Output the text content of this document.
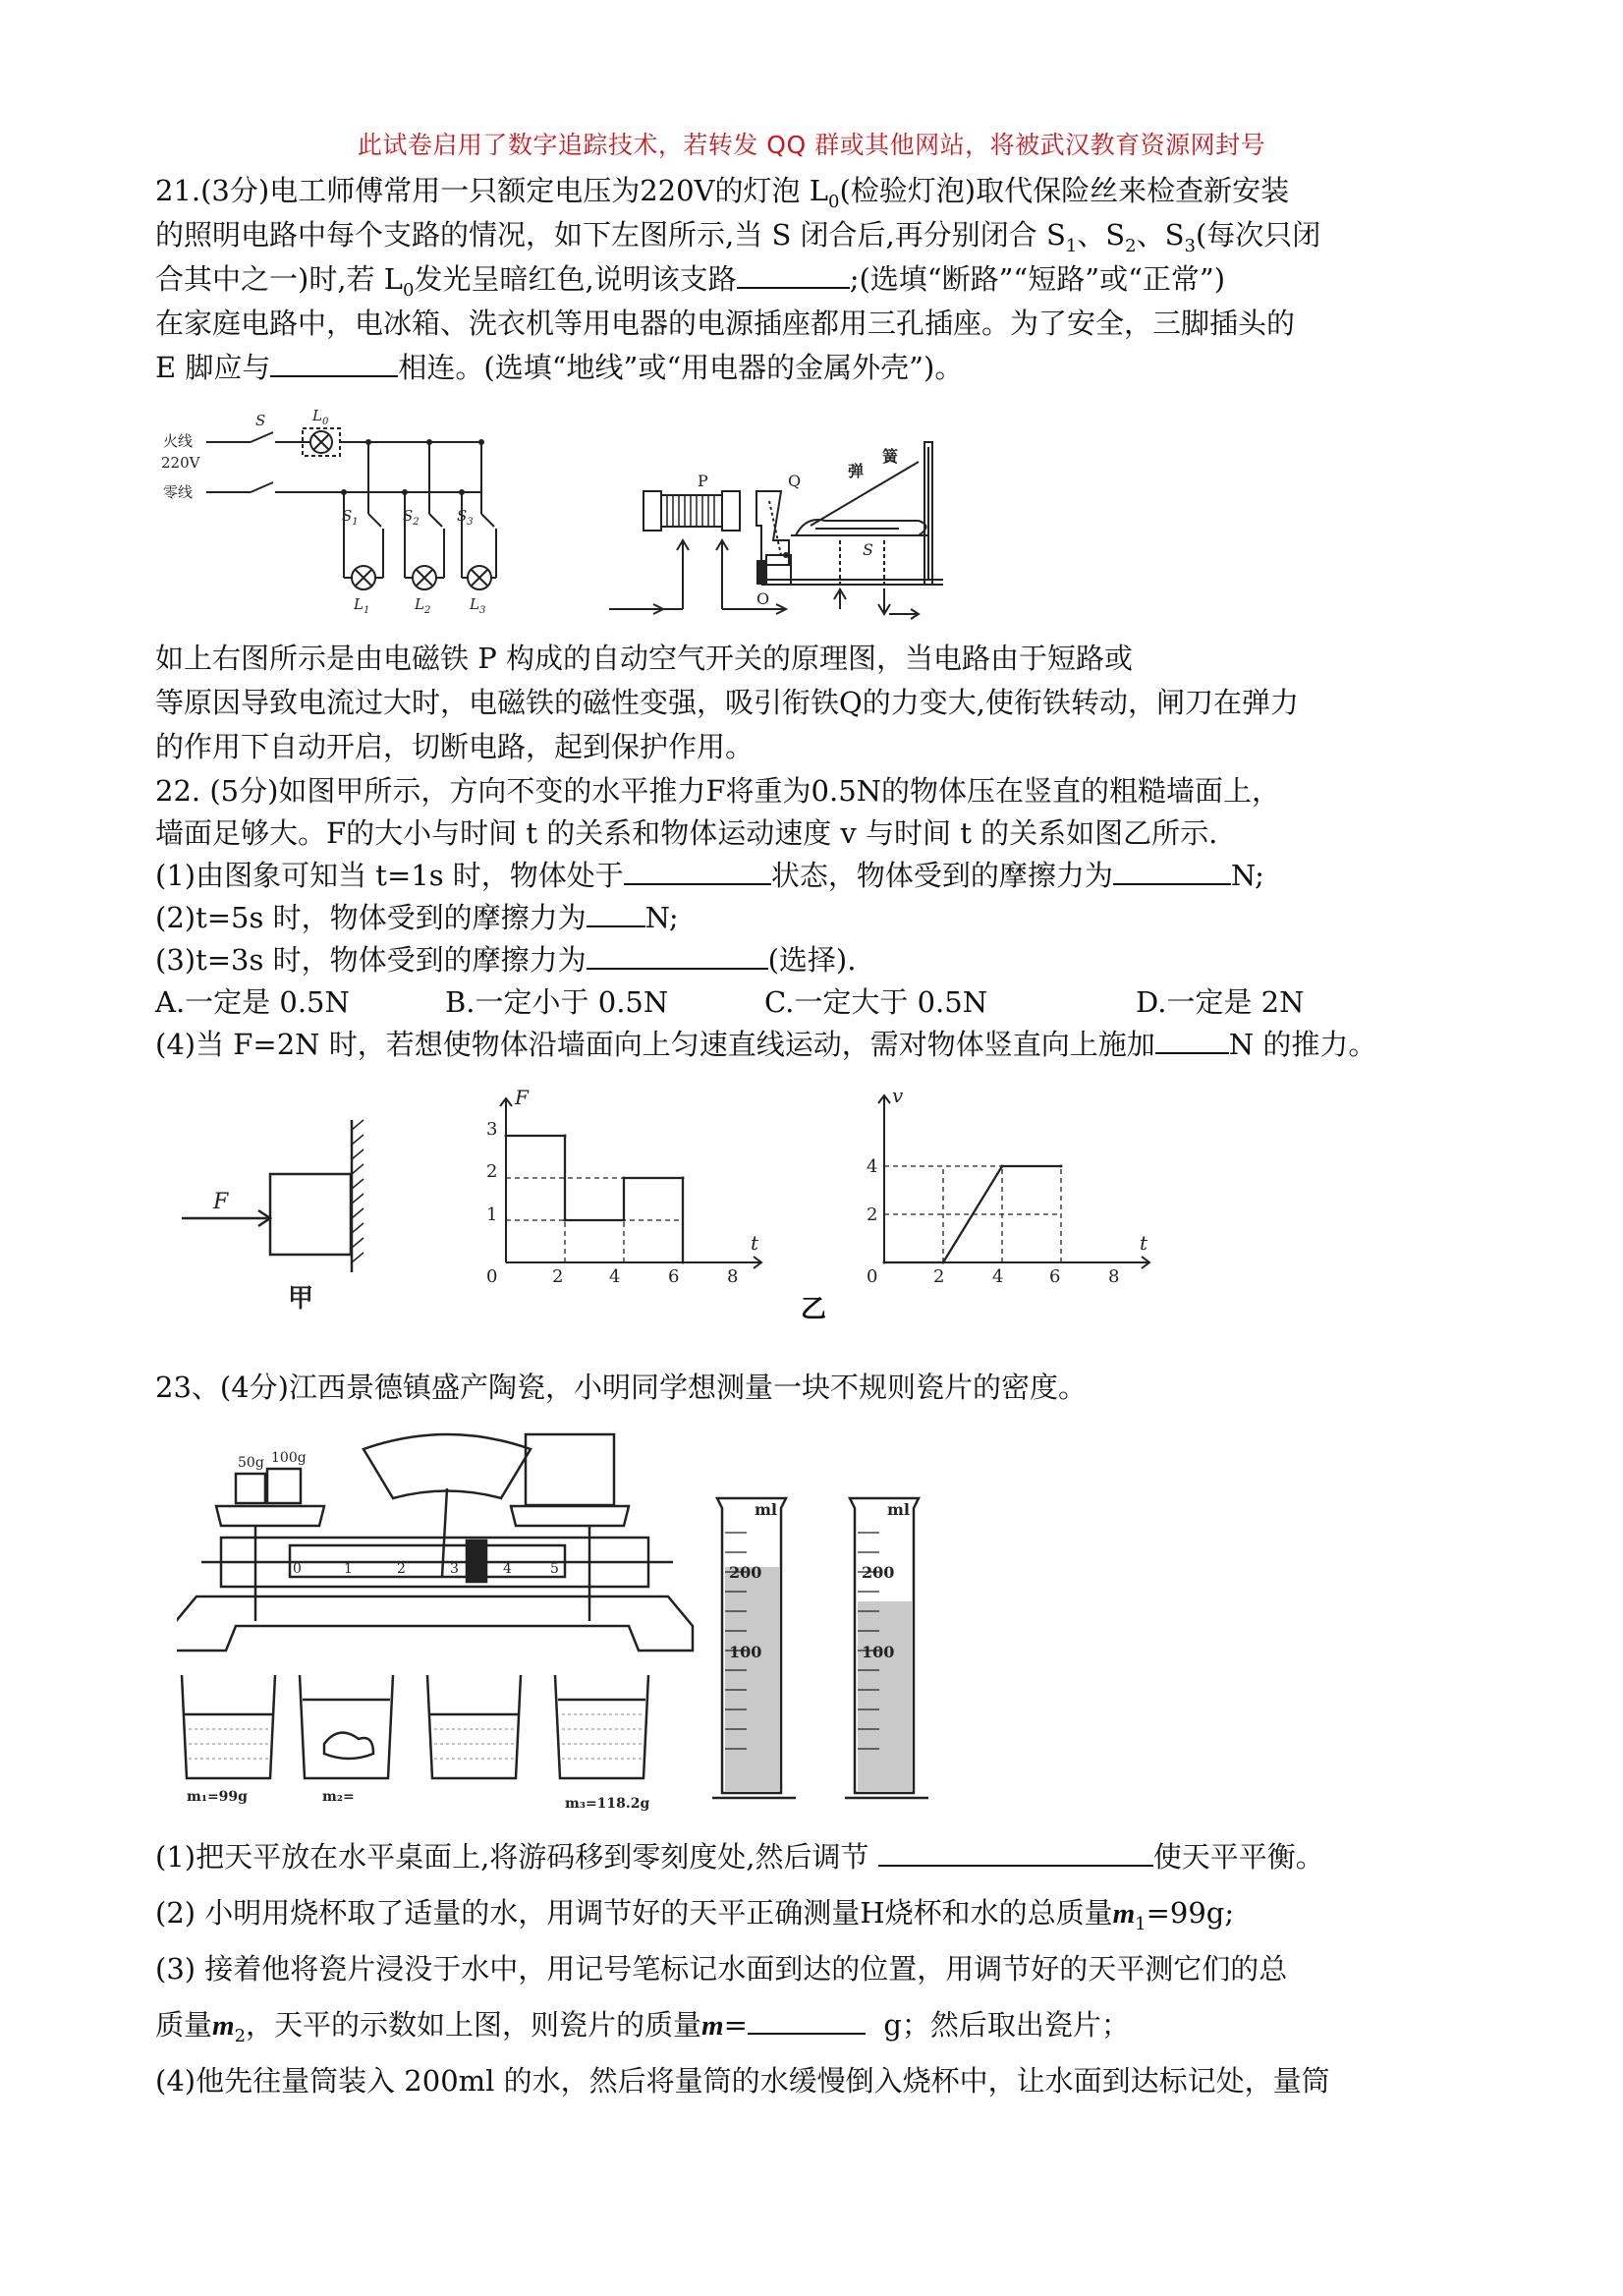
此试卷启用了数字追踪技术，若转发 QQ 群或其他网站，将被武汉教育资源网封号
21.(3分)电工师傅常用一只额定电压为220V的灯泡 $L_0$(检验灯泡)取代保险丝来检查新安装
的照明电路中每个支路的情况，如下左图所示,当 S 闭合后,再分别闭合 $S_1$、$S_2$、$S_3$(每次只闭
合其中之一)时,若 $L_0$发光呈暗红色,说明该支路	;(选填“断路”“短路”或“正常”)
在家庭电路中，电冰箱、洗衣机等用电器的电源插座都用三孔插座。为了安全，三脚插头的
E 脚应与	相连。(选填“地线”或“用电器的金属外壳”)。
火线
220V
零线
S	$L_0$
$S_1$	$S_2$	$S_3$
$L_1$	$L_2$	$L_3$
P	Q
弹
簧
S
O
如上右图所示是由电磁铁 P 构成的自动空气开关的原理图，当电路由于短路或
等原因导致电流过大时，电磁铁的磁性变强，吸引衔铁Q的力变大,使衔铁转动，闸刀在弹力
的作用下自动开启，切断电路，起到保护作用。
22. (5分)如图甲所示，方向不变的水平推力F将重为0.5N的物体压在竖直的粗糙墙面上，
墙面足够大。F的大小与时间 t 的关系和物体运动速度 v 与时间 t 的关系如图乙所示.
(1)由图象可知当 t=1s 时，物体处于	状态，物体受到的摩擦力为	N;
(2)t=5s 时，物体受到的摩擦力为 N;
(3)t=3s 时，物体受到的摩擦力为	(选择).
A.一定是 0.5N	B.一定小于 0.5N	C.一定大于 0.5N	D.一定是 2N
(4)当 F=2N 时，若想使物体沿墙面向上匀速直线运动，需对物体竖直向上施加	N 的推力。
F
甲
F
t
3
2
1
0	2	4	6	8
v
t
4
2
0	2	4	6	8
乙
23、(4分)江西景德镇盛产陶瓷，小明同学想测量一块不规则瓷片的密度。
50g 100g
0	1	2	3	4	5
m₁=99g	m₂=	m₃=118.2g
ml
200
100
ml
200
100
(1)把天平放在水平桌面上,将游码移到零刻度处,然后调节	使天平平衡。
(2) 小明用烧杯取了适量的水，用调节好的天平正确测量H烧杯和水的总质量$m_1=99g$;
(3) 接着他将瓷片浸没于水中，用记号笔标记水面到达的位置，用调节好的天平测它们的总
质量$m_2$，天平的示数如上图，则瓷片的质量m=	g；然后取出瓷片；
(4)他先往量筒装入 200ml 的水，然后将量筒的水缓慢倒入烧杯中，让水面到达标记处，量筒
